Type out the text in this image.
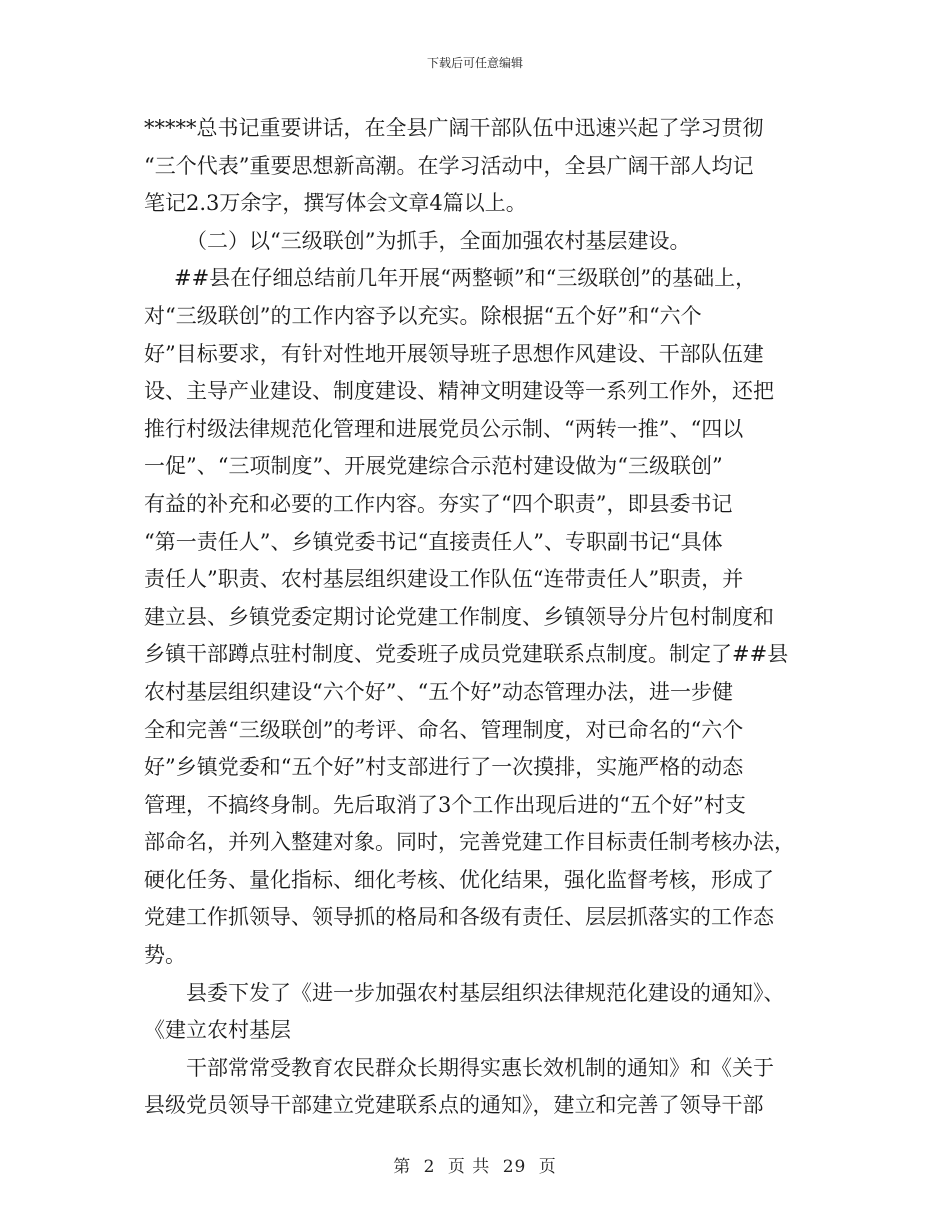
下载后可任意编辑
*****总书记重要讲话，在全县广阔干部队伍中迅速兴起了学习贯彻
“三个代表”重要思想新高潮。在学习活动中，全县广阔干部人均记
笔记2.3万余字，撰写体会文章4篇以上。
（二）以“三级联创”为抓手，全面加强农村基层建设。
##县在仔细总结前几年开展“两整顿”和“三级联创”的基础上，
对“三级联创”的工作内容予以充实。除根据“五个好”和“六个
好”目标要求，有针对性地开展领导班子思想作风建设、干部队伍建
设、主导产业建设、制度建设、精神文明建设等一系列工作外，还把
推行村级法律规范化管理和进展党员公示制、“两转一推”、“四以
一促”、“三项制度”、开展党建综合示范村建设做为“三级联创”
有益的补充和必要的工作内容。夯实了“四个职责”，即县委书记
“第一责任人”、乡镇党委书记“直接责任人”、专职副书记“具体
责任人”职责、农村基层组织建设工作队伍“连带责任人”职责，并
建立县、乡镇党委定期讨论党建工作制度、乡镇领导分片包村制度和
乡镇干部蹲点驻村制度、党委班子成员党建联系点制度。制定了##县
农村基层组织建设“六个好”、“五个好”动态管理办法，进一步健
全和完善“三级联创”的考评、命名、管理制度，对已命名的“六个
好”乡镇党委和“五个好”村支部进行了一次摸排，实施严格的动态
管理，不搞终身制。先后取消了3个工作出现后进的“五个好”村支
部命名，并列入整建对象。同时，完善党建工作目标责任制考核办法，
硬化任务、量化指标、细化考核、优化结果，强化监督考核，形成了
党建工作抓领导、领导抓的格局和各级有责任、层层抓落实的工作态
势。
县委下发了《进一步加强农村基层组织法律规范化建设的通知》、
《建立农村基层
干部常常受教育农民群众长期得实惠长效机制的通知》和《关于
县级党员领导干部建立党建联系点的通知》，建立和完善了领导干部
第 2 页 共 29 页
